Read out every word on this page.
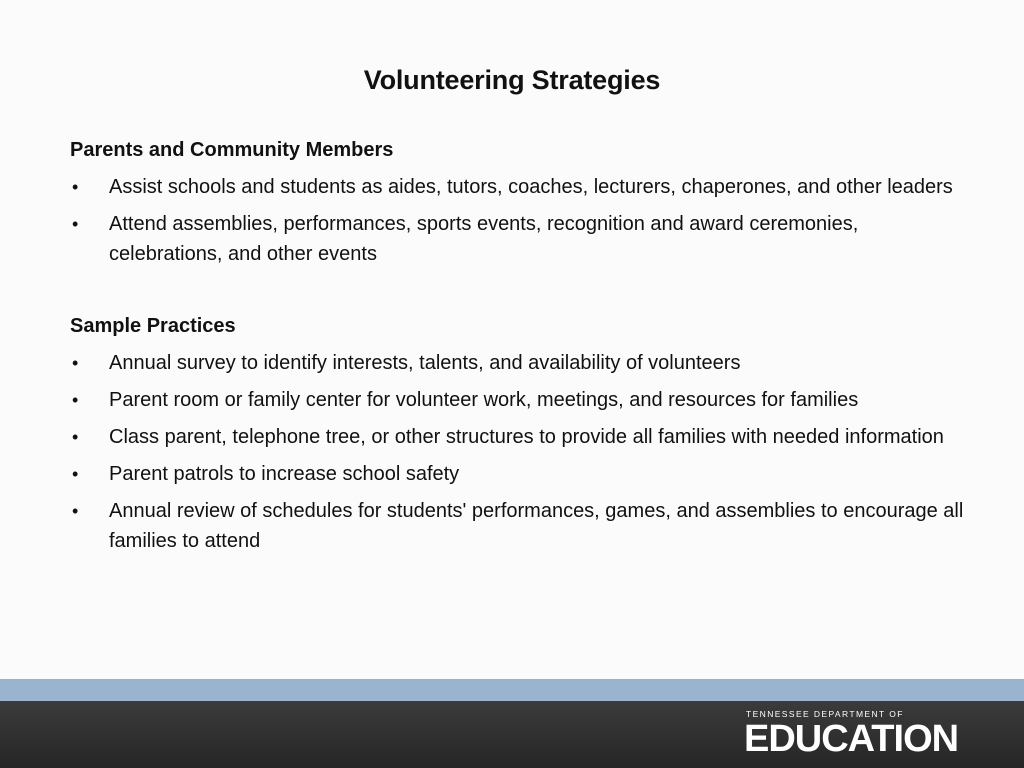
Volunteering Strategies
Parents and Community Members
• Assist schools and students as aides, tutors, coaches, lecturers, chaperones, and other leaders
• Attend assemblies, performances, sports events, recognition and award ceremonies, celebrations, and other events
Sample Practices
• Annual survey to identify interests, talents, and availability of volunteers
• Parent room or family center for volunteer work, meetings, and resources for families
• Class parent, telephone tree, or other structures to provide all families with needed information
• Parent patrols to increase school safety
• Annual review of schedules for students' performances, games, and assemblies to encourage all families to attend
TENNESSEE DEPARTMENT OF
EDUCATION
